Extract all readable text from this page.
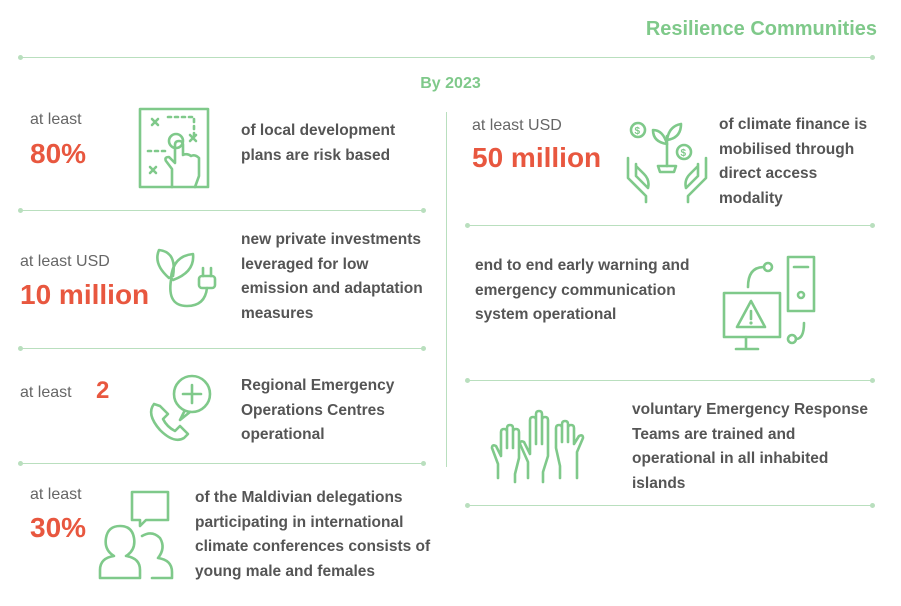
Resilience Communities
By 2023
at least
80%
of local development plans are risk based
at least USD
10 million
new private investments leveraged for low emission and adaptation measures
at least 2	Regional Emergency Operations Centres operational
at least
30%
of the Maldivian delegations participating in international climate conferences consists of young male and females
at least USD
50 million
$
$
of climate finance is mobilised through direct access modality
end to end early warning and emergency communication system operational
voluntary Emergency Response Teams are trained and operational in all inhabited islands
